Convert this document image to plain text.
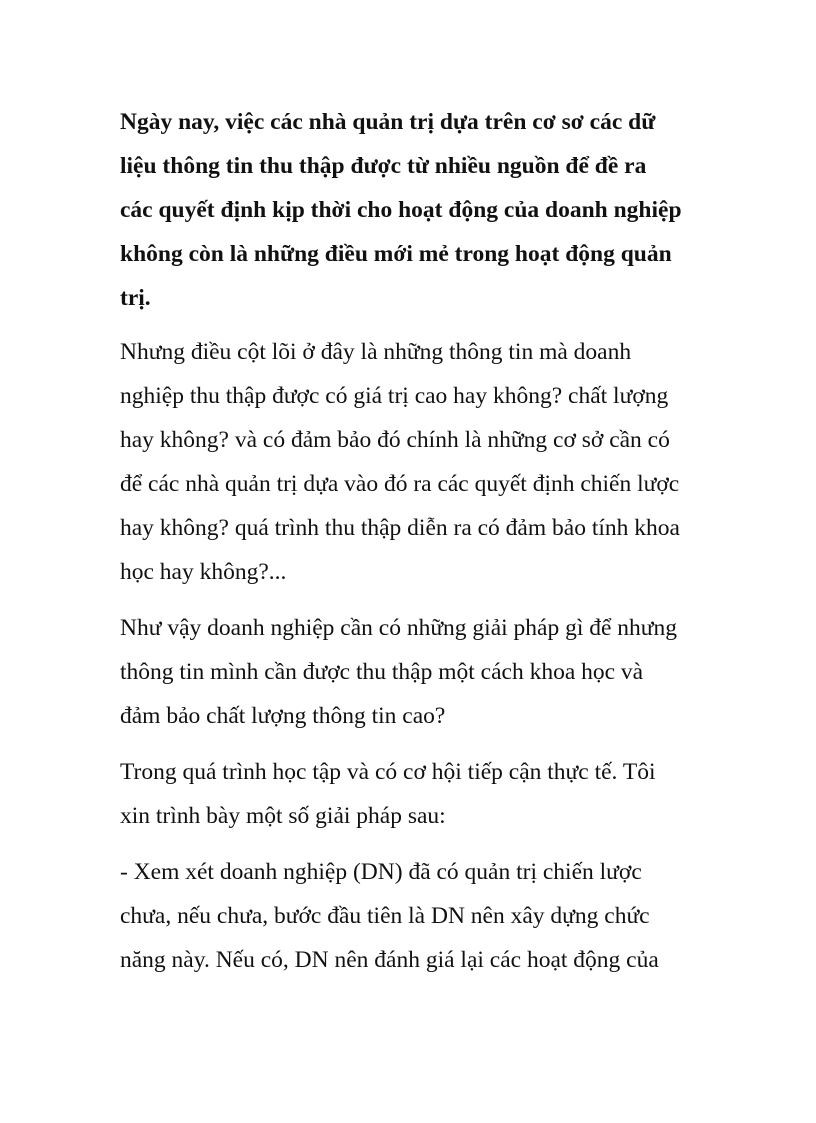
Ngày nay, việc các nhà quản trị dựa trên cơ sơ các dữ
liệu thông tin thu thập được từ nhiều nguồn để đề ra
các quyết định kịp thời cho hoạt động của doanh nghiệp
không còn là những điều mới mẻ trong hoạt động quản
trị.

Nhưng điều cột lõi ở đây là những thông tin mà doanh
nghiệp thu thập được có giá trị cao hay không? chất lượng
hay không? và có đảm bảo đó chính là những cơ sở cần có
để các nhà quản trị dựa vào đó ra các quyết định chiến lược
hay không? quá trình thu thập diễn ra có đảm bảo tính khoa
học hay không?...

Như vậy doanh nghiệp cần có những giải pháp gì để nhưng
thông tin mình cần được thu thập một cách khoa học và
đảm bảo chất lượng thông tin cao?

Trong quá trình học tập và có cơ hội tiếp cận thực tế. Tôi
xin trình bày một số giải pháp sau:

- Xem xét doanh nghiệp (DN) đã có quản trị chiến lược
chưa, nếu chưa, bước đầu tiên là DN nên xây dựng chức
năng này. Nếu có, DN nên đánh giá lại các hoạt động của
